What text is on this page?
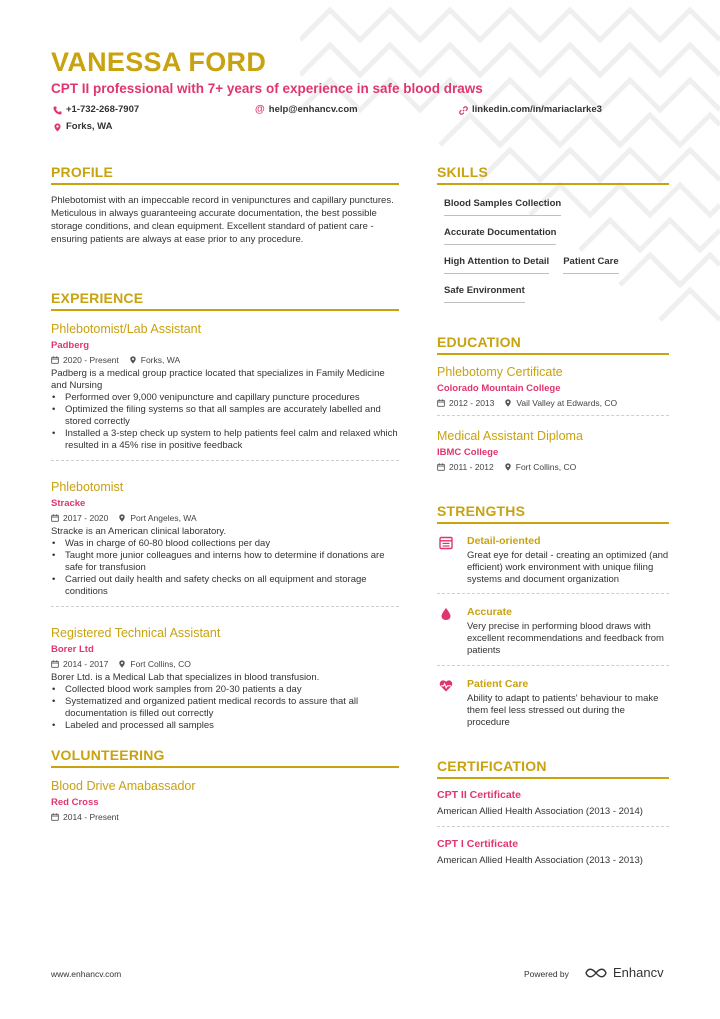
VANESSA FORD
CPT II professional with 7+ years of experience in safe blood draws
+1-732-268-7907	@ help@enhancv.com	linkedin.com/in/mariaclarke3
Forks, WA
PROFILE
Phlebotomist with an impeccable record in venipunctures and capillary punctures. Meticulous in always guaranteeing accurate documentation, the best possible storage conditions, and clean equipment. Excellent standard of patient care - ensuring patients are always at ease prior to any procedure.
EXPERIENCE
Phlebotomist/Lab Assistant
Padberg
2020 - Present	Forks, WA
Padberg is a medical group practice located that specializes in Family Medicine and Nursing
• Performed over 9,000 venipuncture and capillary puncture procedures
• Optimized the filing systems so that all samples are accurately labelled and stored correctly
• Installed a 3-step check up system to help patients feel calm and relaxed which resulted in a 45% rise in positive feedback
Phlebotomist
Stracke
2017 - 2020	Port Angeles, WA
Stracke is an American clinical laboratory.
• Was in charge of 60-80 blood collections per day
• Taught more junior colleagues and interns how to determine if donations are safe for transfusion
• Carried out daily health and safety checks on all equipment and storage conditions
Registered Technical Assistant
Borer Ltd
2014 - 2017	Fort Collins, CO
Borer Ltd. is a Medical Lab that specializes in blood transfusion.
• Collected blood work samples from 20-30 patients a day
• Systematized and organized patient medical records to assure that all documentation is filled out correctly
• Labeled and processed all samples
VOLUNTEERING
Blood Drive Amabassador
Red Cross
2014 - Present
SKILLS
Blood Samples Collection
Accurate Documentation
High Attention to Detail Patient Care
Safe Environment
EDUCATION
Phlebotomy Certificate
Colorado Mountain College
2012 - 2013	Vail Valley at Edwards, CO
Medical Assistant Diploma
IBMC College
2011 - 2012	Fort Collins, CO
STRENGTHS
Detail-oriented
Great eye for detail - creating an optimized (and efficient) work environment with unique filing systems and document organization
Accurate
Very precise in performing blood draws with excellent recommendations and feedback from patients
Patient Care
Ability to adapt to patients' behaviour to make them feel less stressed out during the procedure
CERTIFICATION
CPT II Certificate
American Allied Health Association (2013 - 2014)
CPT I Certificate
American Allied Health Association (2013 - 2013)
www.enhancv.com	Powered by	Enhancv
